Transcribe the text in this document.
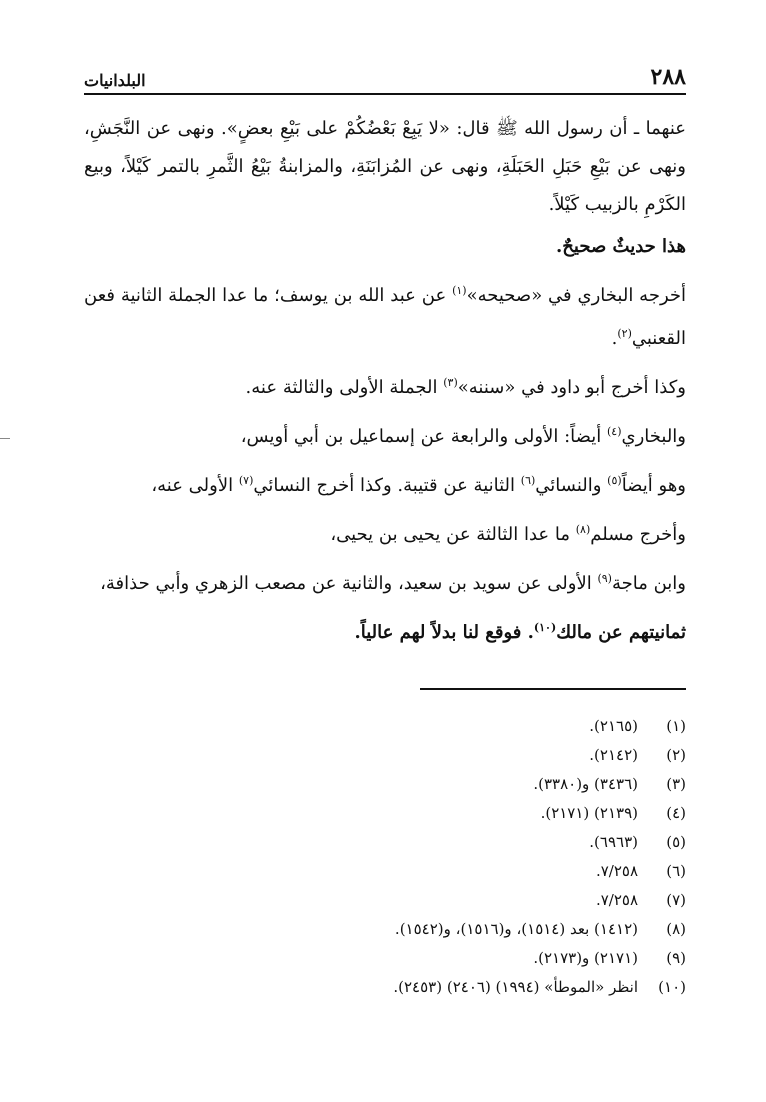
٢٨٨
البلدانيات

عنهما ـ أن رسول الله ﷺ قال: «لا يَبِعْ بَعْضُكُمْ على بَيْعِ بعضٍ». ونهى عن النَّجَشِ، ونهى عن بَيْعِ حَبَلِ الحَبَلَةِ، ونهى عن المُزابَنَةِ، والمزابنةُ بَيْعُ الثَّمرِ بالتمر كَيْلاً، وبيع الكَرْمِ بالزبيب كَيْلاً.

هذا حديثٌ صحيحٌ.

أخرجه البخاري في «صحيحه»$^{(١)}$ عن عبد الله بن يوسف؛ ما عدا الجملة الثانية فعن القعنبي$^{(٢)}$.

وكذا أخرج أبو داود في «سننه»$^{(٣)}$ الجملة الأولى والثالثة عنه.

والبخاري$^{(٤)}$ أيضاً: الأولى والرابعة عن إسماعيل بن أبي أويس،

وهو أيضاً$^{(٥)}$ والنسائي$^{(٦)}$ الثانية عن قتيبة. وكذا أخرج النسائي$^{(٧)}$ الأولى عنه،

وأخرج مسلم$^{(٨)}$ ما عدا الثالثة عن يحيى بن يحيى،

وابن ماجة$^{(٩)}$ الأولى عن سويد بن سعيد، والثانية عن مصعب الزهري وأبي حذافة،

ثمانيتهم عن مالك$^{(١٠)}$. فوقع لنا بدلاً لهم عالياً.

(١)
(٢١٦٥).
(٢)
(٢١٤٢).
(٣)
(٣٤٣٦) و(٣٣٨٠).
(٤)
(٢١٣٩) (٢١٧١).
(٥)
(٦٩٦٣).
(٦)
٧/٢٥٨.
(٧)
٧/٢٥٨.
(٨)
(١٤١٢) بعد (١٥١٤)، و(١٥١٦)، و(١٥٤٢).
(٩)
(٢١٧١) و(٢١٧٣).
(١٠)
انظر «الموطأ» (١٩٩٤) (٢٤٠٦) (٢٤٥٣).
